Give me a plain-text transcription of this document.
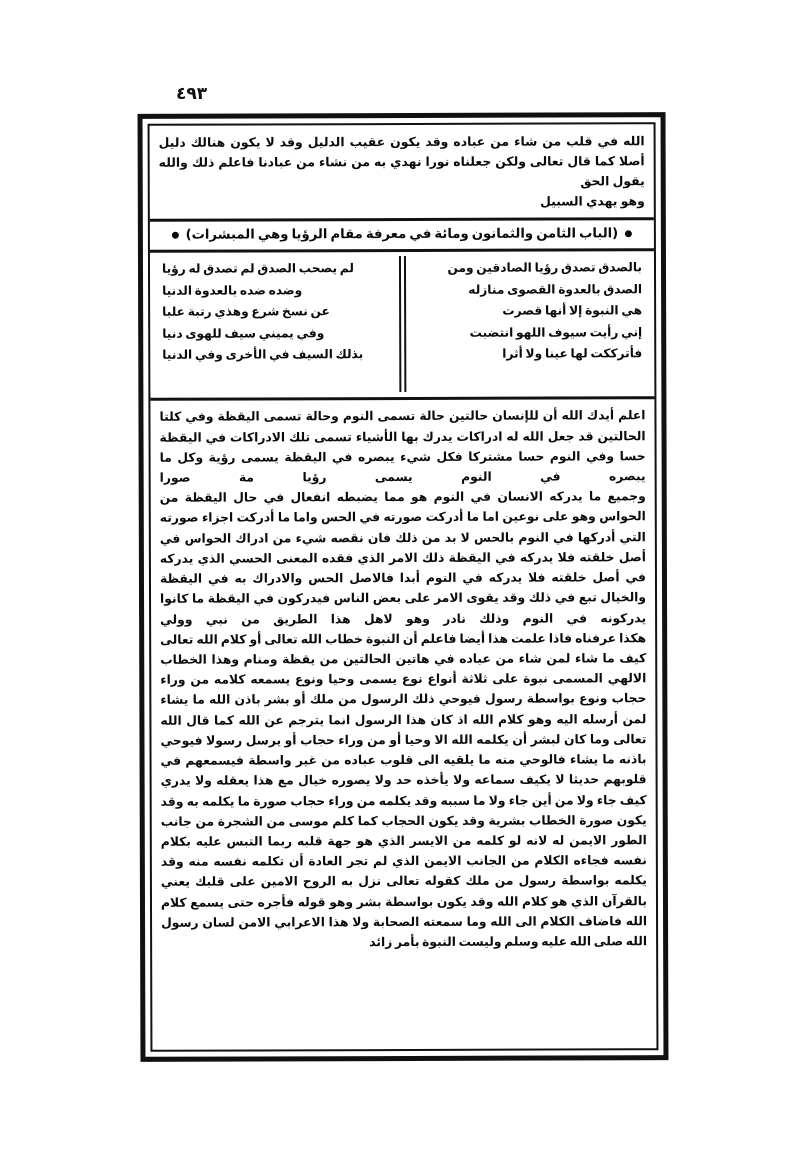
٤٩٣
الله في قلب من شاء من عباده وقد يكون عقيب الدليل وقد لا يكون هنالك دليل أصلا كما قال تعالى ولكن جعلناه نورا نهدي به من نشاء من عبادنا فاعلم ذلك والله يقول الحق
وهو يهدي السبيل
(الباب الثامن والثمانون ومائة في معرفة مقام الرؤيا وهي المبشرات)
بالصدق تصدق رؤيا الصادقين ومن
الصدق بالعدوة القصوى منازله
هي النبوة إلا أنها قصرت
إني رأيت سيوف اللهو انتضبت
فأترككت لها عينا ولا أثرا
لم يصحب الصدق لم تصدق له رؤيا
وضده ضده بالعدوة الدنيا
عن نسخ شرع وهذي رتبة علبا
وفي يميني سيف للهوى دنيا
بذلك السيف في الأخرى وفي الدنيا

اعلم أيدك الله أن للإنسان حالتين حالة تسمى النوم وحالة تسمى اليقظة وفي كلتا الحالتين قد جعل الله له ادراكات يدرك بها الأشياء تسمى تلك الادراكات في اليقظة حسا وفي النوم حسا مشتركا فكل شيء يبصره في اليقظة يسمى رؤية وكل ما يبصره في النوم يسمى رؤيا مة صورا

وجميع ما يدركه الانسان في النوم هو مما يضبطه انفعال في حال اليقظة من الحواس وهو على نوعين اما ما أدركت صورته في الحس واما ما أدركت اجزاء صورته التي أدركها في النوم بالحس لا بد من ذلك فان نقصه شيء من ادراك الحواس في أصل خلقته فلا يدركه في اليقظة ذلك الامر الذي فقده المعنى الحسي الذي يدركه في أصل خلقته فلا يدركه في النوم أبدا فالاصل الحس والادراك به في اليقظة والخيال تبع في ذلك وقد يقوى الامر على بعض الناس فيدركون في اليقظة ما كانوا يدركونه في النوم وذلك نادر وهو لاهل هذا الطريق من نبي وولي

هكذا عرفناه فاذا علمت هذا أيضا فاعلم أن النبوة خطاب الله تعالى أو كلام الله تعالى كيف ما شاء لمن شاء من عباده في هاتين الحالتين من يقظة ومنام وهذا الخطاب الالهي المسمى نبوة على ثلاثة أنواع نوع يسمى وحيا ونوع يسمعه كلامه من وراء حجاب ونوع بواسطة رسول فيوحي ذلك الرسول من ملك أو بشر باذن الله ما يشاء لمن أرسله اليه وهو كلام الله اذ كان هذا الرسول انما يترجم عن الله كما قال الله تعالى وما كان لبشر أن يكلمه الله الا وحيا أو من وراء حجاب أو يرسل رسولا فيوحي باذنه ما يشاء فالوحي منه ما يلقيه الى قلوب عباده من غير واسطة فيسمعهم في قلوبهم حديثا لا يكيف سماعه ولا يأخذه حد ولا يصوره خيال مع هذا يعقله ولا يدري كيف جاء ولا من أين جاء ولا ما سببه وقد يكلمه من وراء حجاب صورة ما يكلمه به وقد يكون صورة الخطاب بشرية وقد يكون الحجاب كما كلم موسى من الشجرة من جانب الطور الايمن له لانه لو كلمه من الايسر الذي هو جهة قلبه ربما التبس عليه بكلام نفسه فجاءه الكلام من الجانب الايمن الذي لم تجر العادة أن تكلمه نفسه منه وقد يكلمه بواسطة رسول من ملك كقوله تعالى نزل به الروح الامين على قلبك يعني بالقرآن الذي هو كلام الله وقد يكون بواسطة بشر وهو قوله فأجره حتى يسمع كلام الله فاضاف الكلام الى الله وما سمعته الصحابة ولا هذا الاعرابي الامن لسان رسول الله صلى الله عليه وسلم وليست النبوة بأمر زائد
